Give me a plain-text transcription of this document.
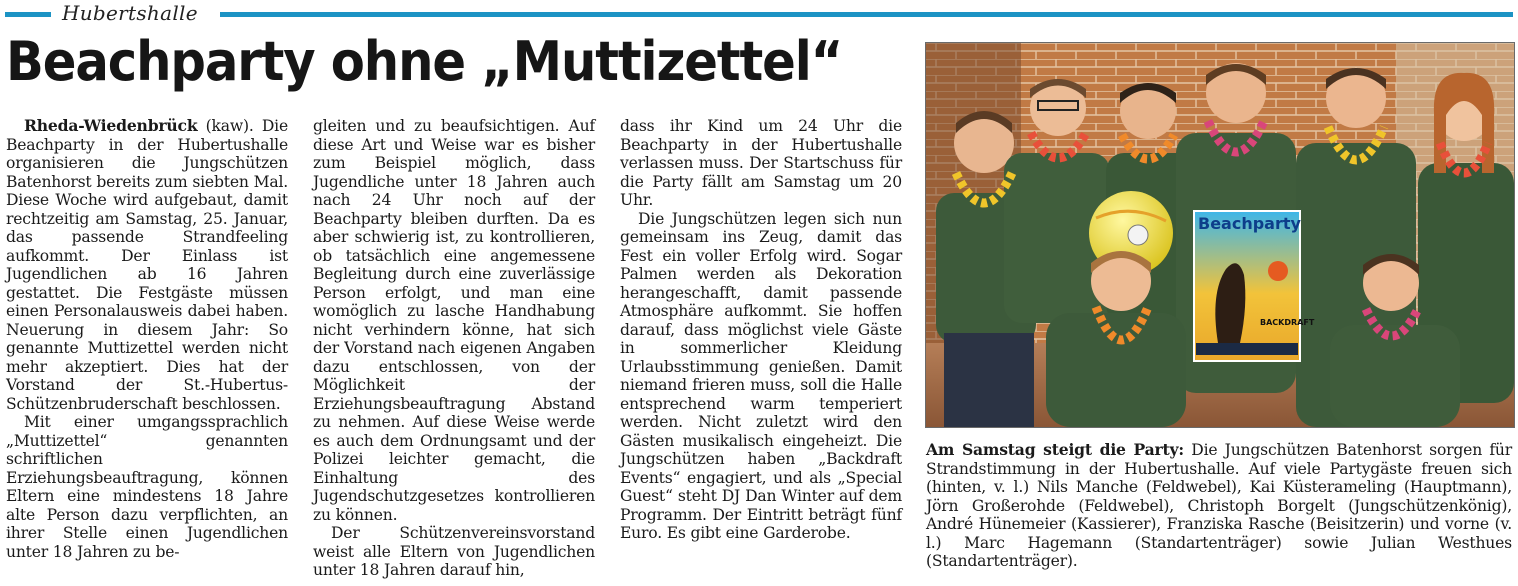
Hubertshalle
Beachparty ohne „Muttizettel“

Rheda-Wiedenbrück (kaw). Die Beachparty in der Hubertushalle organisieren die Jungschützen Batenhorst bereits zum siebten Mal. Diese Woche wird aufgebaut, damit rechtzeitig am Samstag, 25. Januar, das passende Strandfeeling aufkommt. Der Einlass ist Jugendlichen ab 16 Jahren gestattet. Die Festgäste müssen einen Personalausweis dabei haben. Neuerung in diesem Jahr: So genannte Muttizettel werden nicht mehr akzeptiert. Dies hat der Vorstand der St.-Hubertus-Schützenbruderschaft beschlossen.

Mit einer umgangssprachlich „Muttizettel“ genannten schriftlichen Erziehungsbeauftragung, können Eltern eine mindestens 18 Jahre alte Person dazu verpflichten, an ihrer Stelle einen Jugendlichen unter 18 Jahren zu be-

gleiten und zu beaufsichtigen. Auf diese Art und Weise war es bisher zum Beispiel möglich, dass Jugendliche unter 18 Jahren auch nach 24 Uhr noch auf der Beachparty bleiben durften. Da es aber schwierig ist, zu kontrollieren, ob tatsächlich eine angemessene Begleitung durch eine zuverlässige Person erfolgt, und man eine womöglich zu lasche Handhabung nicht verhindern könne, hat sich der Vorstand nach eigenen Angaben dazu entschlossen, von der Möglichkeit der Erziehungsbeauftragung Abstand zu nehmen. Auf diese Weise werde es auch dem Ordnungsamt und der Polizei leichter gemacht, die Einhaltung des Jugendschutzgesetzes kontrollieren zu können.

Der Schützenvereinsvorstand weist alle Eltern von Jugendlichen unter 18 Jahren darauf hin,

dass ihr Kind um 24 Uhr die Beachparty in der Hubertushalle verlassen muss. Der Startschuss für die Party fällt am Samstag um 20 Uhr.

Die Jungschützen legen sich nun gemeinsam ins Zeug, damit das Fest ein voller Erfolg wird. Sogar Palmen werden als Dekoration herangeschafft, damit passende Atmosphäre aufkommt. Sie hoffen darauf, dass möglichst viele Gäste in sommerlicher Kleidung Urlaubsstimmung genießen. Damit niemand frieren muss, soll die Halle entsprechend warm temperiert werden. Nicht zuletzt wird den Gästen musikalisch eingeheizt. Die Jungschützen haben „Backdraft Events“ engagiert, und als „Special Guest“ steht DJ Dan Winter auf dem Programm. Der Eintritt beträgt fünf Euro. Es gibt eine Garderobe.

Beachparty
BACKDRAFT
Am Samstag steigt die Party: Die Jungschützen Batenhorst sorgen für Strandstimmung in der Hubertushalle. Auf viele Partygäste freuen sich (hinten, v. l.) Nils Manche (Feldwebel), Kai Küsterameling (Hauptmann), Jörn Großerohde (Feldwebel), Christoph Borgelt (Jungschützenkönig), André Hünemeier (Kassierer), Franziska Rasche (Beisitzerin) und vorne (v. l.) Marc Hagemann (Standartenträger) sowie Julian Westhues (Standartenträger).
